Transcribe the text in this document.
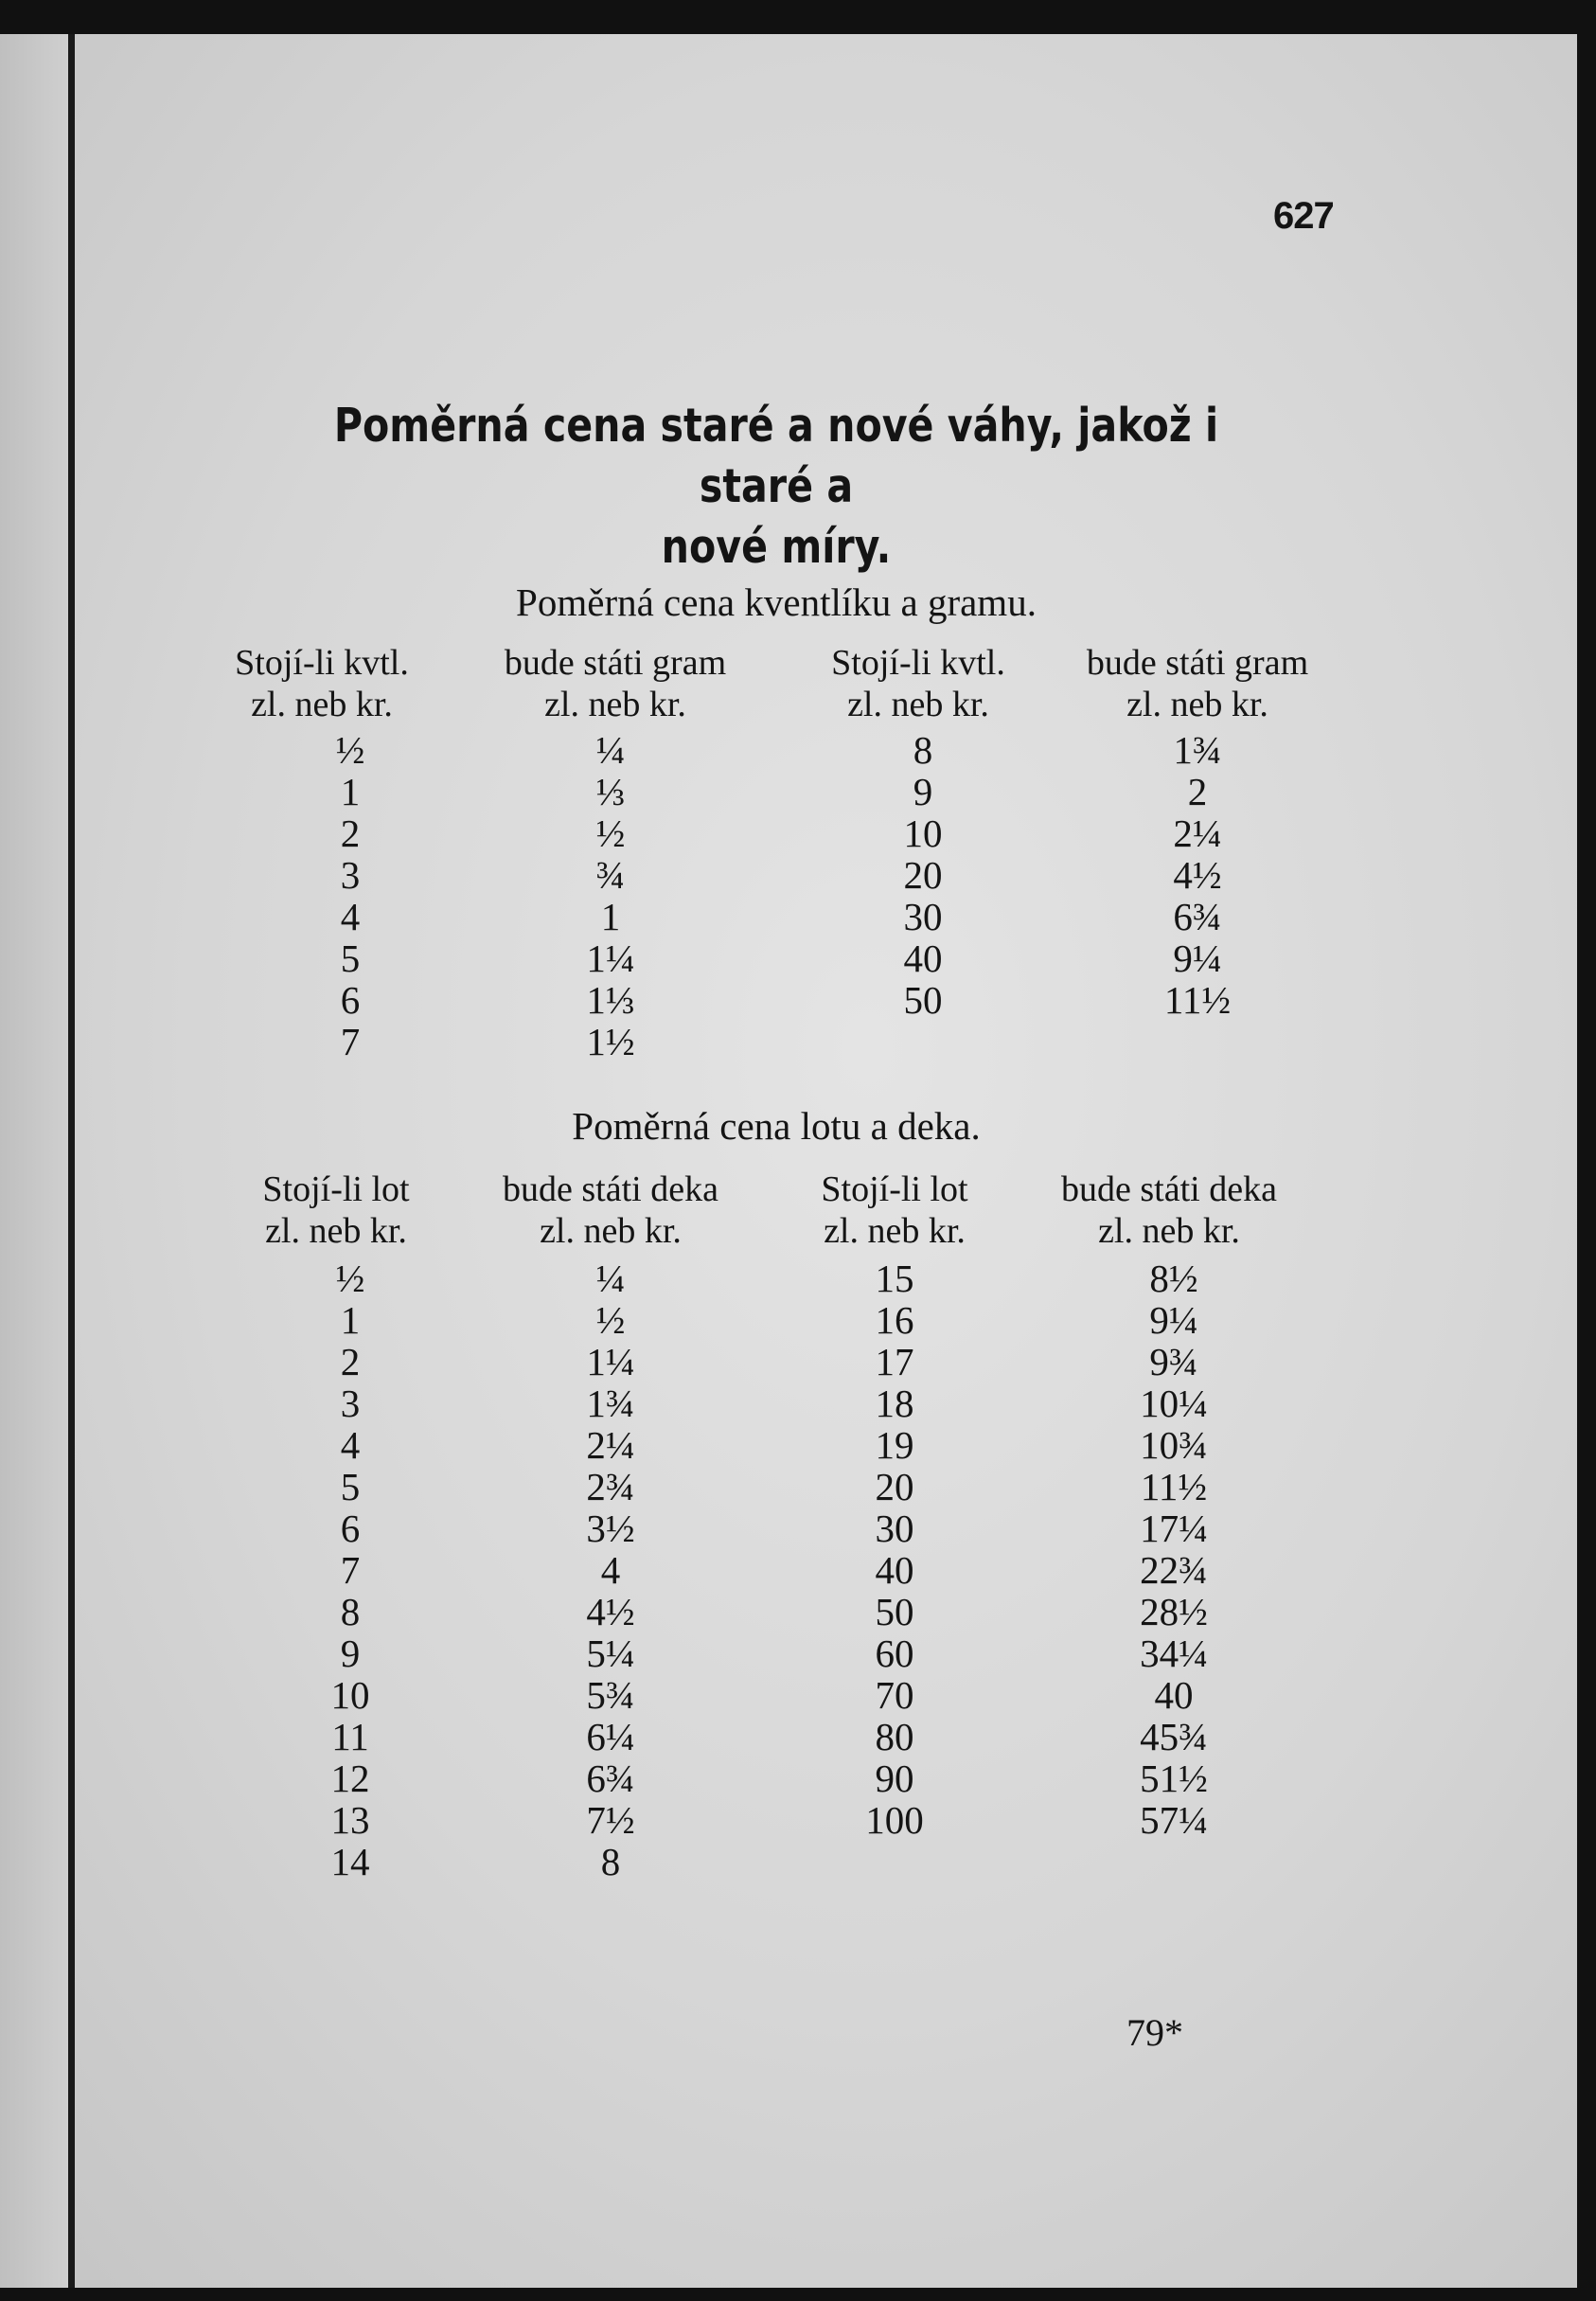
627
Poměrná cena staré a nové váhy, jakož i staré a
nové míry.
Poměrná cena kventlíku a gramu.
Stojí-li kvtl.
zl. neb kr.
bude státi gram
zl. neb kr.
Stojí-li kvtl.
zl. neb kr.
bude státi gram
zl. neb kr.
½
1
2
3
4
5
6
7
¼
⅓
½
¾
1
1¼
1⅓
1½
8
9
10
20
30
40
50
1¾
2
2¼
4½
6¾
9¼
11½
Poměrná cena lotu a deka.
Stojí-li lot
zl. neb kr.
bude státi deka
zl. neb kr.
Stojí-li lot
zl. neb kr.
bude státi deka
zl. neb kr.
½
1
2
3
4
5
6
7
8
9
10
11
12
13
14
¼
½
1¼
1¾
2¼
2¾
3½
4
4½
5¼
5¾
6¼
6¾
7½
8
15
16
17
18
19
20
30
40
50
60
70
80
90
100
8½
9¼
9¾
10¼
10¾
11½
17¼
22¾
28½
34¼
40
45¾
51½
57¼
79*
